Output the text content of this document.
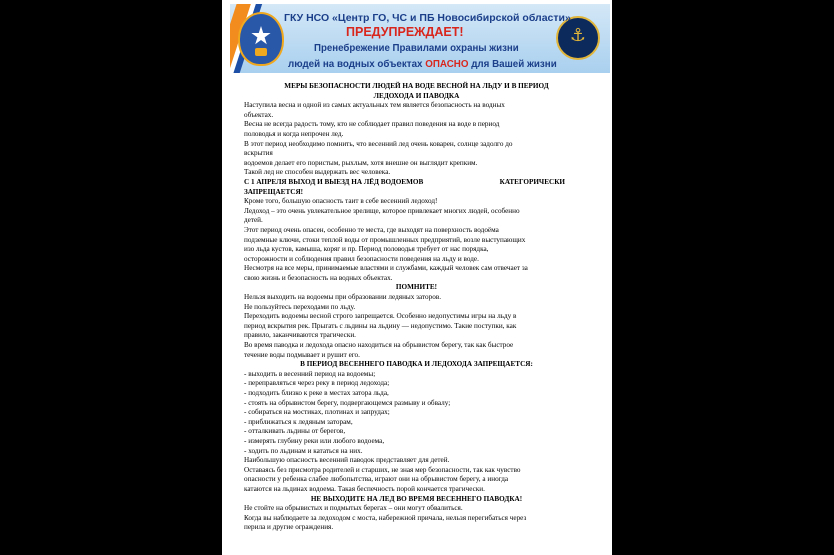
⚓
ГКУ НСО «Центр ГО, ЧС и ПБ Новосибирской области»
ПРЕДУПРЕЖДАЕТ!
Пренебрежение Правилами охраны жизни
людей на водных объектах ОПАСНО для Вашей жизни

МЕРЫ БЕЗОПАСНОСТИ ЛЮДЕЙ НА ВОДЕ ВЕСНОЙ НА ЛЬДУ И В ПЕРИОД

ЛЕДОХОДА И ПАВОДКА

Наступила весна и одной из самых актуальных тем является безопасность на водных

объектах.

Весна не всегда радость тому, кто не соблюдает правил поведения на воде в период

половодья и когда непрочен лед.

В этот период необходимо помнить, что весенний лед очень коварен, солнце задолго до

вскрытия

водоемов делает его пористым, рыхлым, хотя внешне он выглядит крепким.

Такой лед не способен выдержать вес человека.

С 1 АПРЕЛЯ ВЫХОД И ВЫЕЗД НА ЛЁД ВОДОЕМОВ	КАТЕГОРИЧЕСКИ

ЗАПРЕЩАЕТСЯ!

Кроме того, большую опасность таит в себе весенний ледоход!

Ледоход – это очень увлекательное зрелище, которое привлекает многих людей, особенно

детей.

Этот период очень опасен, особенно те места, где выходят на поверхность водоёма

подземные ключи, стоки теплой воды от промышленных предприятий, возле выступающих

изо льда кустов, камыша, коряг и пр. Период половодья требует от нас порядка,

осторожности и соблюдения правил безопасности поведения на льду и воде.

Несмотря на все меры, принимаемые властями и службами, каждый человек сам отвечает за

свою жизнь и безопасность на водных объектах.

ПОМНИТЕ!

Нельзя выходить на водоемы при образовании ледяных заторов.

Не пользуйтесь переходами по льду.

Переходить водоемы весной строго запрещается. Особенно недопустимы игры на льду в

период вскрытия рек. Прыгать с льдины на льдину — недопустимо. Такие поступки, как

правило, заканчиваются трагически.

Во время паводка и ледохода опасно находиться на обрывистом берегу, так как быстрое

течение воды подмывает и рушит его.

В ПЕРИОД ВЕСЕННЕГО ПАВОДКА И ЛЕДОХОДА ЗАПРЕЩАЕТСЯ:

- выходить в весенний период на водоемы;

- переправляться через реку в период ледохода;

- подходить близко к реке в местах затора льда,

- стоять на обрывистом берегу, подвергающемся размыву и обвалу;

- собираться на мостиках, плотинах и запрудах;

- приближаться к ледяным заторам,

- отталкивать льдины от берегов,

- измерять глубину реки или любого водоема,

- ходить по льдинам и кататься на них.

Наибольшую опасность весенний паводок представляет для детей.

Оставаясь без присмотра родителей и старших, не зная мер безопасности, так как чувство

опасности у ребенка слабее любопытства, играют они на обрывистом берегу, а иногда

катаются на льдинах водоема. Такая беспечность порой кончается трагически.

НЕ ВЫХОДИТЕ НА ЛЕД ВО ВРЕМЯ ВЕСЕННЕГО ПАВОДКА!

Не стойте на обрывистых и подмытых берегах – они могут обвалиться.

Когда вы наблюдаете за ледоходом с моста, набережной причала, нельзя перегибаться через

перила и другие ограждения.
